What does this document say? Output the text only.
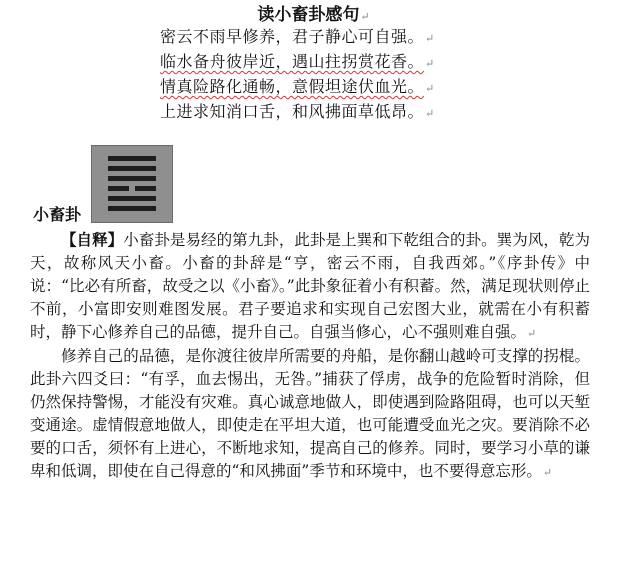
读小畜卦感句↵
密云不雨早修养，君子静心可自强。↵
临水备舟彼岸近，遇山拄拐赏花香。↵
情真险路化通畅，意假坦途伏血光。↵
上进求知消口舌，和风拂面草低昂。↵
小畜卦

【自释】小畜卦是易经的第九卦，此卦是上巽和下乾组合的卦。巽为风，乾为天，故称风天小畜。小畜的卦辞是“亨，密云不雨，自我西郊。”《序卦传》中说：“比必有所畜，故受之以《小畜》。”此卦象征着小有积蓄。然，满足现状则停止不前，小富即安则难图发展。君子要追求和实现自己宏图大业，就需在小有积蓄时，静下心修养自己的品德，提升自己。自强当修心，心不强则难自强。↵

修养自己的品德，是你渡往彼岸所需要的舟船，是你翻山越岭可支撑的拐棍。此卦六四爻曰：“有孚，血去惕出，无咎。”捕获了俘虏，战争的危险暂时消除，但仍然保持警惕，才能没有灾难。真心诚意地做人，即使遇到险路阻碍，也可以天堑变通途。虚情假意地做人，即使走在平坦大道，也可能遭受血光之灾。要消除不必要的口舌，须怀有上进心，不断地求知，提高自己的修养。同时，要学习小草的谦卑和低调，即使在自己得意的“和风拂面”季节和环境中，也不要得意忘形。↵
